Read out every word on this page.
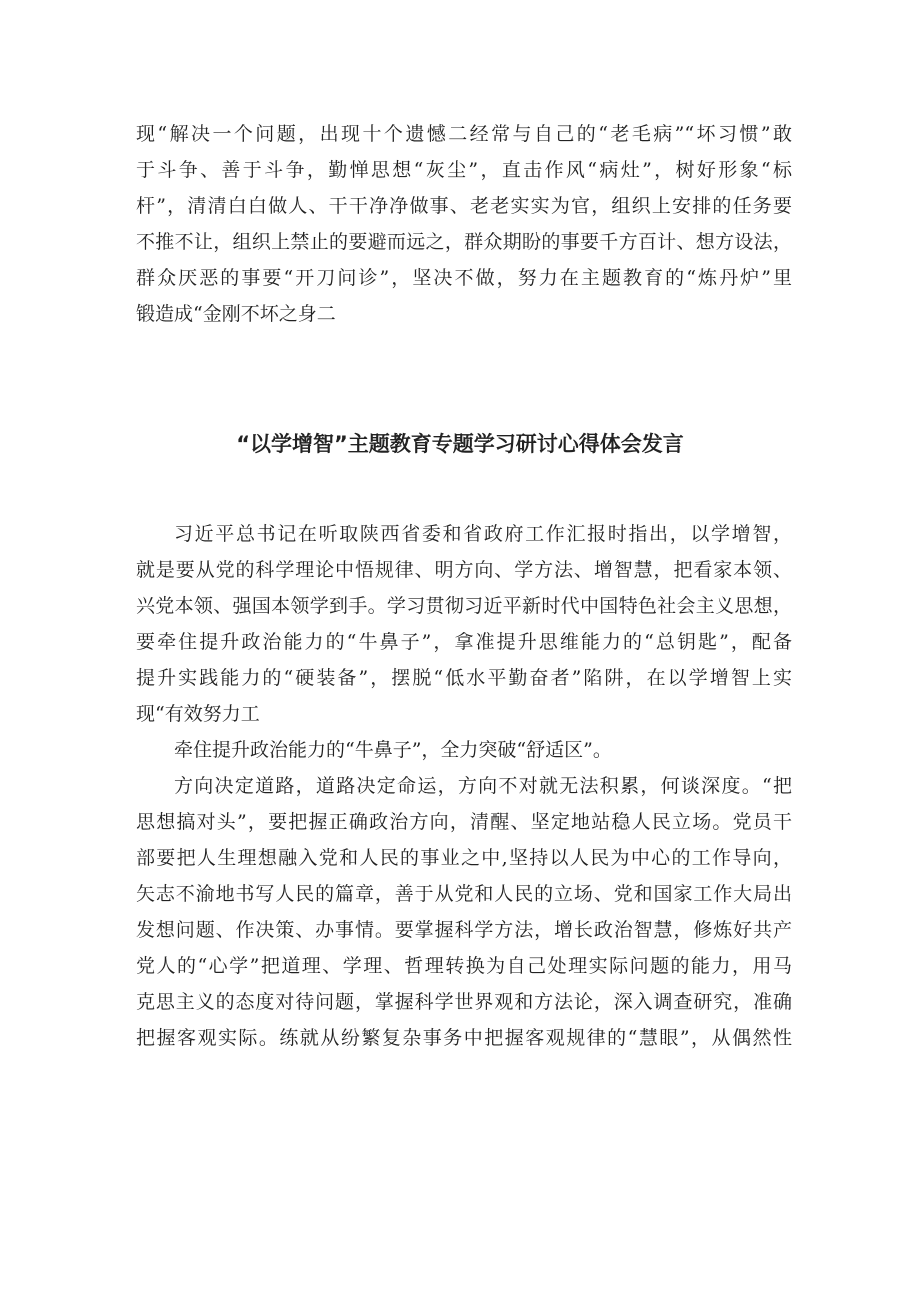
现“解决一个问题，出现十个遗憾二经常与自己的“老毛病”“坏习惯”敢
于斗争、善于斗争，勤惮思想“灰尘”，直击作风“病灶”，树好形象“标
杆”，清清白白做人、干干净净做事、老老实实为官，组织上安排的任务要
不推不让，组织上禁止的要避而远之，群众期盼的事要千方百计、想方设法，
群众厌恶的事要“开刀问诊”，坚决不做，努力在主题教育的“炼丹炉”里
锻造成“金刚不坏之身二
“以学增智”主题教育专题学习研讨心得体会发言
习近平总书记在听取陕西省委和省政府工作汇报时指出，以学增智，
就是要从党的科学理论中悟规律、明方向、学方法、增智慧，把看家本领、
兴党本领、强国本领学到手。学习贯彻习近平新时代中国特色社会主义思想，
要牵住提升政治能力的“牛鼻子”，拿准提升思维能力的“总钥匙”，配备
提升实践能力的“硬装备”，摆脱“低水平勤奋者”陷阱，在以学增智上实
现“有效努力工
牵住提升政治能力的“牛鼻子”，全力突破“舒适区”。
方向决定道路，道路决定命运，方向不对就无法积累，何谈深度。“把
思想搞对头”，要把握正确政治方向，清醒、坚定地站稳人民立场。党员干
部要把人生理想融入党和人民的事业之中,坚持以人民为中心的工作导向，
矢志不渝地书写人民的篇章，善于从党和人民的立场、党和国家工作大局出
发想问题、作决策、办事情。要掌握科学方法，增长政治智慧，修炼好共产
党人的“心学”把道理、学理、哲理转换为自己处理实际问题的能力，用马
克思主义的态度对待问题，掌握科学世界观和方法论，深入调查研究，准确
把握客观实际。练就从纷繁复杂事务中把握客观规律的“慧眼”，从偶然性
